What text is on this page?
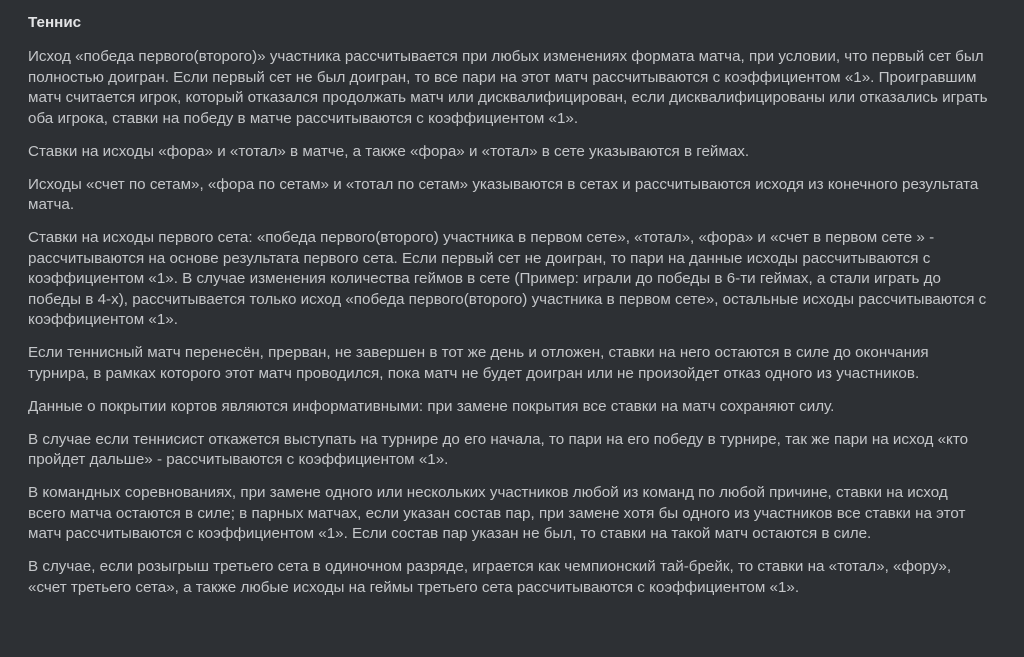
Теннис

Исход «победа первого(второго)» участника рассчитывается при любых изменениях формата матча, при условии, что первый сет был полностью доигран. Если первый сет не был доигран, то все пари на этот матч рассчитываются с коэффициентом «1». Проигравшим матч считается игрок, который отказался продолжать матч или дисквалифицирован, если дисквалифицированы или отказались играть оба игрока, ставки на победу в матче рассчитываются с коэффициентом «1».

Ставки на исходы «фора» и «тотал» в матче, а также «фора» и «тотал» в сете указываются в геймах.

Исходы «счет по сетам», «фора по сетам» и «тотал по сетам» указываются в сетах и рассчитываются исходя из конечного результата матча.

Ставки на исходы первого сета: «победа первого(второго) участника в первом сете», «тотал», «фора» и «счет в первом сете » - рассчитываются на основе результата первого сета. Если первый сет не доигран, то пари на данные исходы рассчитываются с коэффициентом «1». В случае изменения количества геймов в сете (Пример: играли до победы в 6-ти геймах, а стали играть до победы в 4-х), рассчитывается только исход «победа первого(второго) участника в первом сете», остальные исходы рассчитываются с коэффициентом «1».

Если теннисный матч перенесён, прерван, не завершен в тот же день и отложен, ставки на него остаются в силе до окончания турнира, в рамках которого этот матч проводился, пока матч не будет доигран или не произойдет отказ одного из участников.

Данные о покрытии кортов являются информативными: при замене покрытия все ставки на матч сохраняют силу.

В случае если теннисист откажется выступать на турнире до его начала, то пари на его победу в турнире, так же пари на исход «кто пройдет дальше» - рассчитываются с коэффициентом «1».

В командных соревнованиях, при замене одного или нескольких участников любой из команд по любой причине, ставки на исход всего матча остаются в силе; в парных матчах, если указан состав пар, при замене хотя бы одного из участников все ставки на этот матч рассчитываются с коэффициентом «1». Если состав пар указан не был, то ставки на такой матч остаются в силе.

В случае, если розыгрыш третьего сета в одиночном разряде, играется как чемпионский тай-брейк, то ставки на «тотал», «фору», «счет третьего сета», а также любые исходы на геймы третьего сета рассчитываются с коэффициентом «1».
